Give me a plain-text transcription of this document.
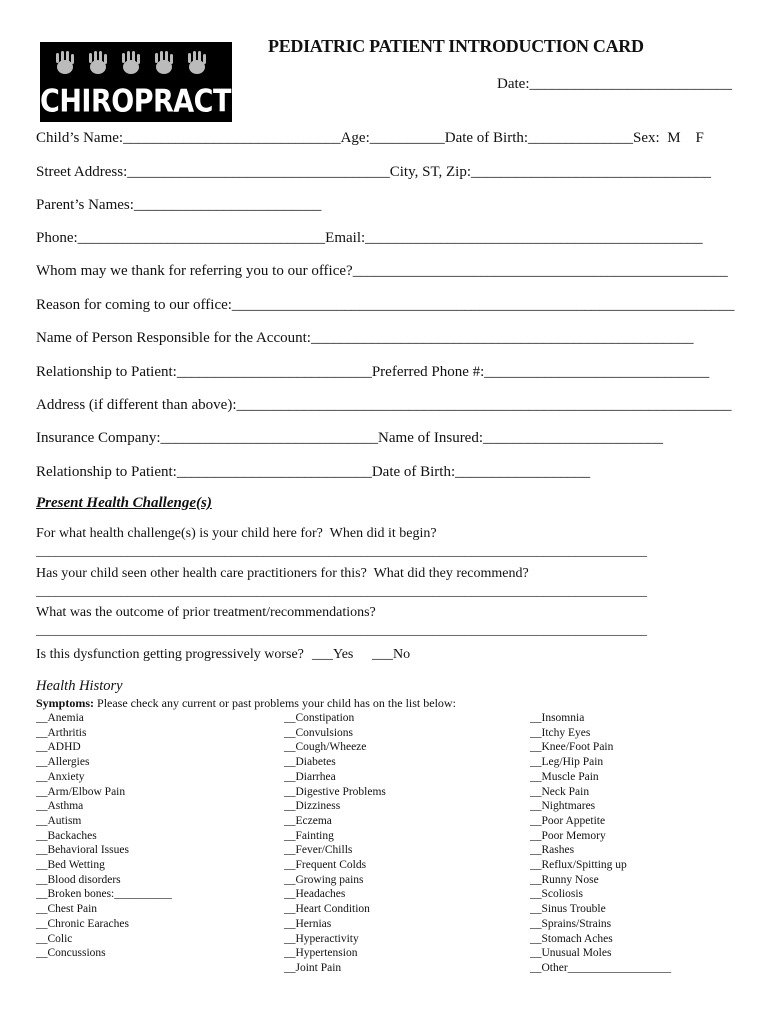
CHIROPRACTIC
PEDIATRIC PATIENT INTRODUCTION CARD
Date:___________________________
Child’s Name:_____________________________Age:__________Date of Birth:______________Sex:  M    F
Street Address:___________________________________City, ST, Zip:________________________________
Parent’s Names:_________________________
Phone:_________________________________Email:_____________________________________________
Whom may we thank for referring you to our office?__________________________________________________
Reason for coming to our office:___________________________________________________________________
Name of Person Responsible for the Account:___________________________________________________
Relationship to Patient:__________________________Preferred Phone #:______________________________
Address (if different than above):__________________________________________________________________
Insurance Company:_____________________________Name of Insured:________________________
Relationship to Patient:__________________________Date of Birth:__________________
Present Health Challenge(s)
For what health challenge(s) is your child here for?  When did it begin?
______________________________________________________________________________________________
Has your child seen other health care practitioners for this?  What did they recommend?
______________________________________________________________________________________________
What was the outcome of prior treatment/recommendations?
______________________________________________________________________________________________
Is this dysfunction getting progressively worse? ___Yes ___No
Health History
Symptoms: Please check any current or past problems your child has on the list below:
__Anemia
__Arthritis
__ADHD
__Allergies
__Anxiety
__Arm/Elbow Pain
__Asthma
__Autism
__Backaches
__Behavioral Issues
__Bed Wetting
__Blood disorders
__Broken bones:__________
__Chest Pain
__Chronic Earaches
__Colic
__Concussions
__Constipation
__Convulsions
__Cough/Wheeze
__Diabetes
__Diarrhea
__Digestive Problems
__Dizziness
__Eczema
__Fainting
__Fever/Chills
__Frequent Colds
__Growing pains
__Headaches
__Heart Condition
__Hernias
__Hyperactivity
__Hypertension
__Joint Pain
__Insomnia
__Itchy Eyes
__Knee/Foot Pain
__Leg/Hip Pain
__Muscle Pain
__Neck Pain
__Nightmares
__Poor Appetite
__Poor Memory
__Rashes
__Reflux/Spitting up
__Runny Nose
__Scoliosis
__Sinus Trouble
__Sprains/Strains
__Stomach Aches
__Unusual Moles
__Other__________________
